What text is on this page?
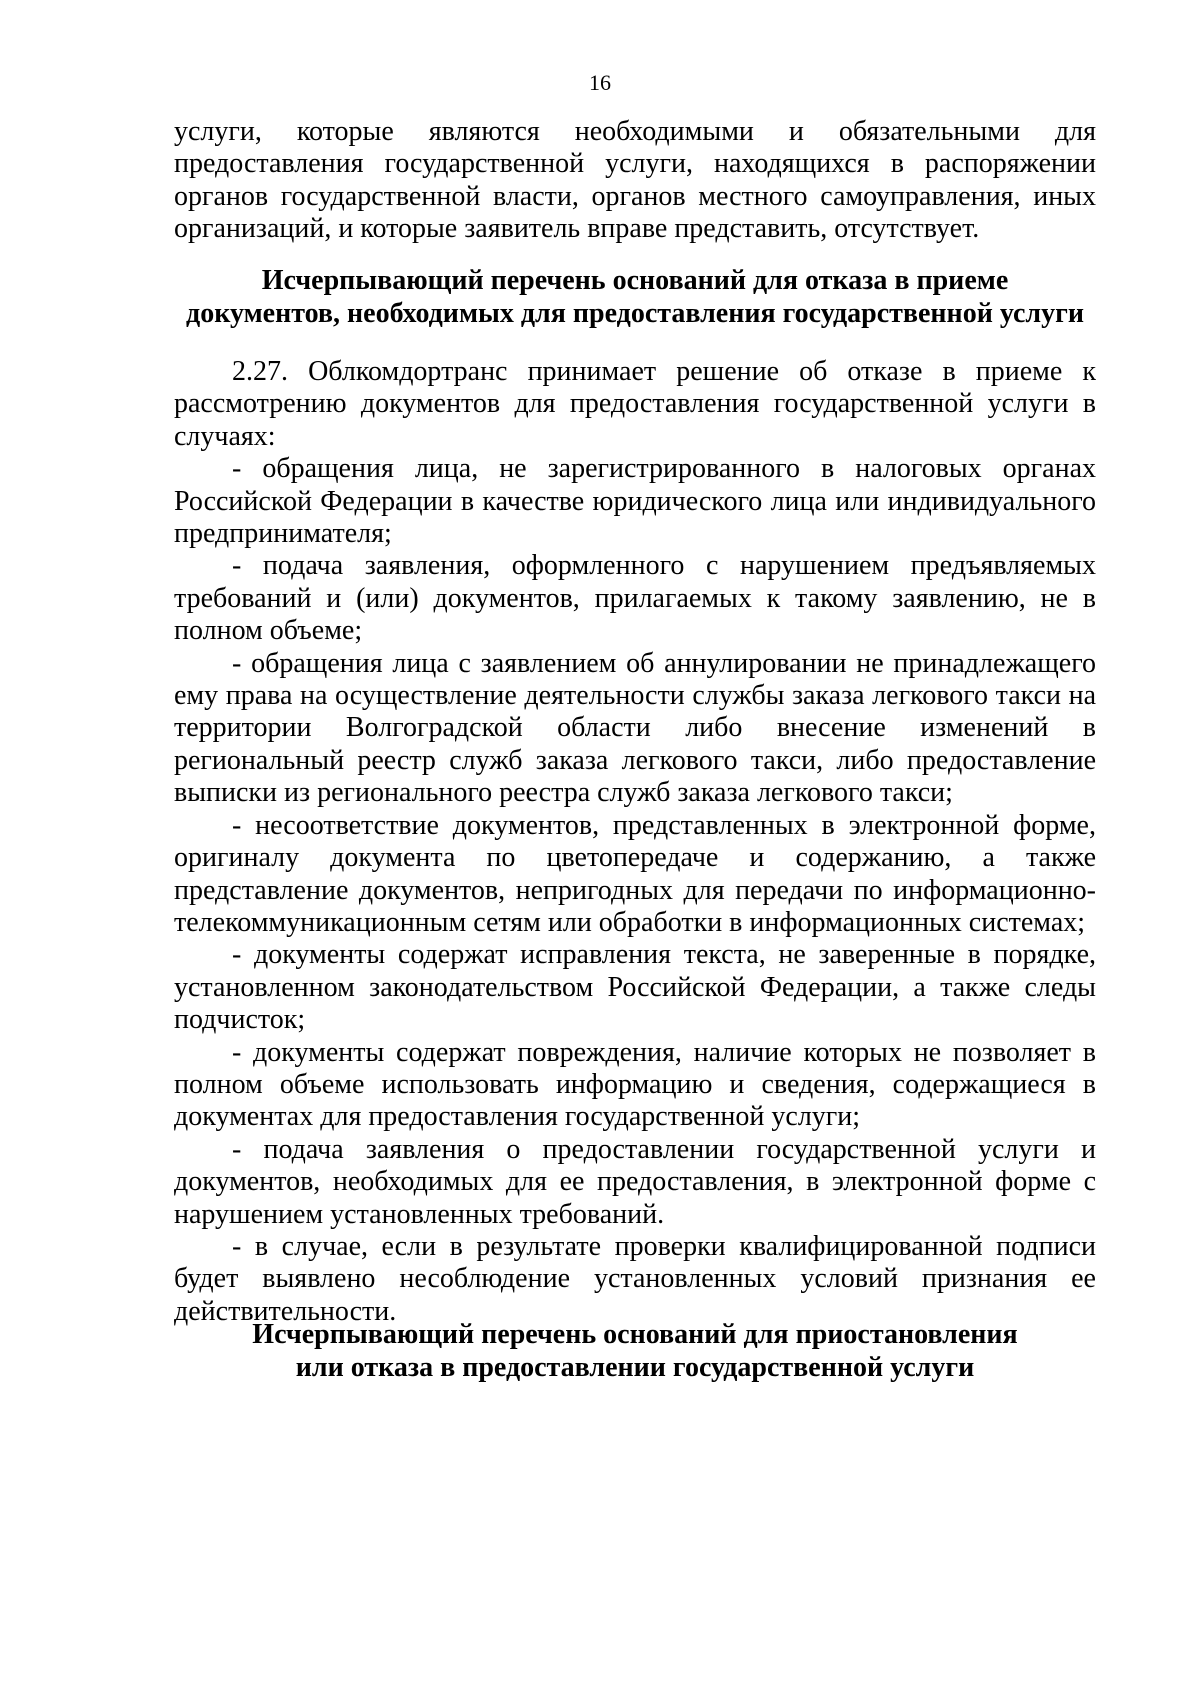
16

услуги, которые являются необходимыми и обязательными для предоставления государственной услуги, находящихся в распоряжении органов государственной власти, органов местного самоуправления, иных организаций, и которые заявитель вправе представить, отсутствует.

Исчерпывающий перечень оснований для отказа в приеме
документов, необходимых для предоставления государственной услуги

2.27. Облкомдортранс принимает решение об отказе в приеме к рассмотрению документов для предоставления государственной услуги в случаях:

- обращения лица, не зарегистрированного в налоговых органах Российской Федерации в качестве юридического лица или индивидуального предпринимателя;

- подача заявления, оформленного с нарушением предъявляемых требований и (или) документов, прилагаемых к такому заявлению, не в полном объеме;

- обращения лица с заявлением об аннулировании не принадлежащего ему права на осуществление деятельности службы заказа легкового такси на территории Волгоградской области либо внесение изменений в региональный реестр служб заказа легкового такси, либо предоставление выписки из регионального реестра служб заказа легкового такси;

- несоответствие документов, представленных в электронной форме, оригиналу документа по цветопередаче и содержанию, а также представление документов, непригодных для передачи по информационно-телекоммуникационным сетям или обработки в информационных системах;

- документы содержат исправления текста, не заверенные в порядке, установленном законодательством Российской Федерации, а также следы подчисток;

- документы содержат повреждения, наличие которых не позволяет в полном объеме использовать информацию и сведения, содержащиеся в документах для предоставления государственной услуги;

- подача заявления о предоставлении государственной услуги и документов, необходимых для ее предоставления, в электронной форме с нарушением установленных требований.

- в случае, если в результате проверки квалифицированной подписи будет выявлено несоблюдение установленных условий признания ее действительности.

Исчерпывающий перечень оснований для приостановления
или отказа в предоставлении государственной услуги
